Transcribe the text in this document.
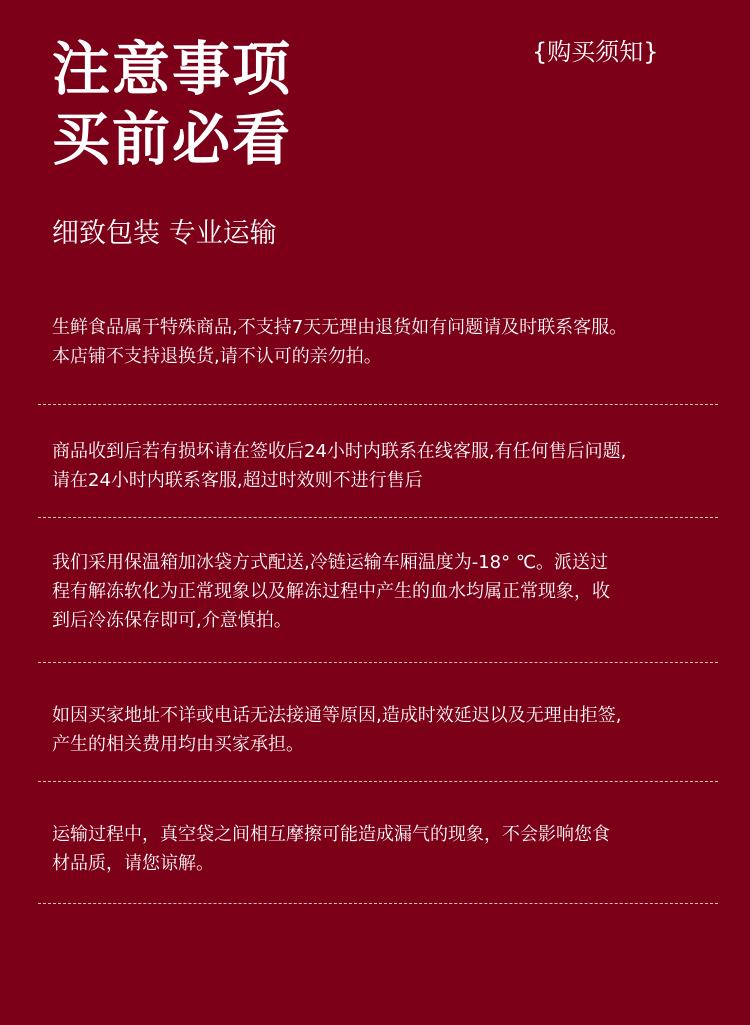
注意事项
买前必看
{购买须知}
细致包装 专业运输
生鲜食品属于特殊商品,不支持7天无理由退货如有问题请及时联系客服。
本店铺不支持退换货,请不认可的亲勿拍。
商品收到后若有损坏请在签收后24小时内联系在线客服,有任何售后问题,
请在24小时内联系客服,超过时效则不进行售后
我们采用保温箱加冰袋方式配送,冷链运输车厢温度为-18° ℃。派送过
程有解冻软化为正常现象以及解冻过程中产生的血水均属正常现象，收
到后冷冻保存即可,介意慎拍。
如因买家地址不详或电话无法接通等原因,造成时效延迟以及无理由拒签,
产生的相关费用均由买家承担。
运输过程中，真空袋之间相互摩擦可能造成漏气的现象，不会影响您食
材品质，请您谅解。
